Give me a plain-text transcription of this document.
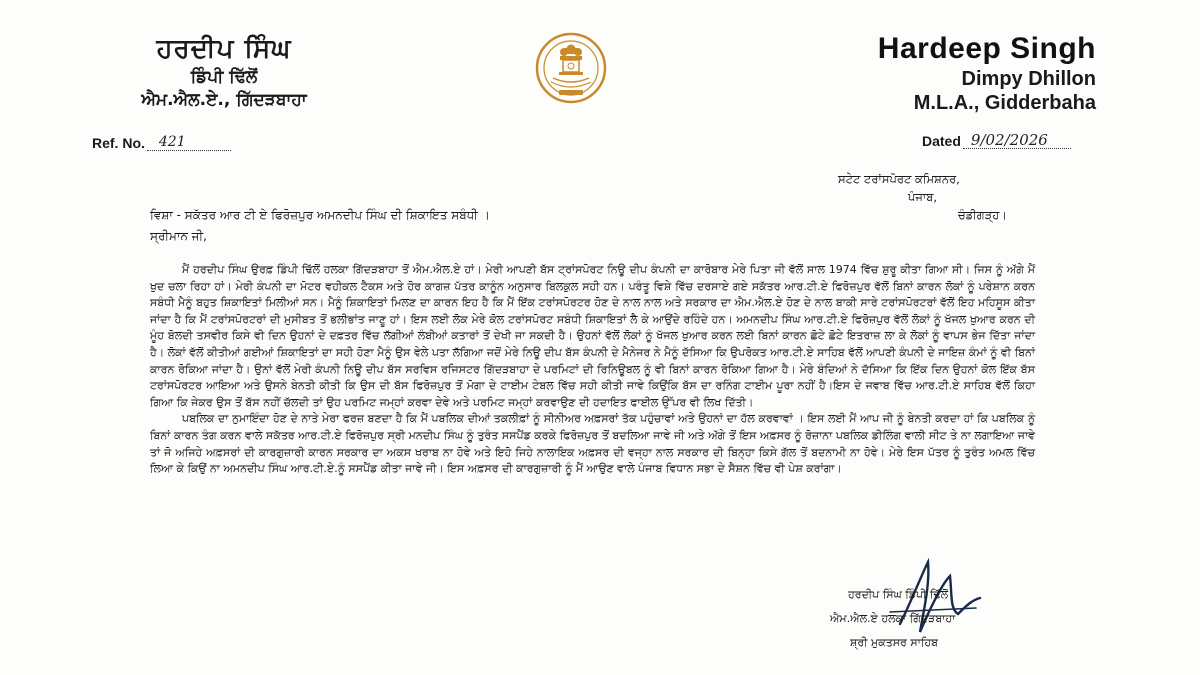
ਹਰਦੀਪ ਸਿੰਘ
ਡਿੰਪੀ ਢਿੱਲੋਂ
ਐਮ.ਐਲ.ਏ., ਗਿੱਦੜਬਾਹਾ
Hardeep Singh
Dimpy Dhillon
M.L.A., Gidderbaha
Ref. No. 421	Dated 9/02/2026
ਸਟੇਟ ਟਰਾਂਸਪੋਰਟ ਕਮਿਸ਼ਨਰ,
ਪੰਜਾਬ,
ਚੰਡੀਗੜ੍ਹ।
ਵਿਸ਼ਾ - ਸਕੱਤਰ ਆਰ ਟੀ ਏ ਫਿਰੋਜ਼ਪੁਰ ਅਮਨਦੀਪ ਸਿੰਘ ਦੀ ਸ਼ਿਕਾਇਤ ਸਬੰਧੀ ।
ਸ੍ਰੀਮਾਨ ਜੀ,

ਮੈਂ ਹਰਦੀਪ ਸਿੰਘ ਉਰਫ਼ ਡਿੰਪੀ ਢਿੱਲੋਂ ਹਲਕਾ ਗਿੱਦੜਬਾਹਾ ਤੋਂ ਐਮ.ਐਲ.ਏ ਹਾਂ। ਮੇਰੀ ਆਪਣੀ ਬੱਸ ਟ੍ਰਾਂਸਪੋਰਟ ਨਿਊ ਦੀਪ ਕੰਪਨੀ ਦਾ ਕਾਰੋਬਾਰ ਮੇਰੇ ਪਿਤਾ ਜੀ ਵੱਲੋਂ ਸਾਲ 1974 ਵਿੱਚ ਸ਼ੁਰੂ ਕੀਤਾ ਗਿਆ ਸੀ। ਜਿਸ ਨੂੰ ਅੱਗੇ ਮੈਂ ਖੁਦ ਚਲਾ ਰਿਹਾ ਹਾਂ। ਮੇਰੀ ਕੰਪਨੀ ਦਾ ਮੋਟਰ ਵਹੀਕਲ ਟੈਕਸ ਅਤੇ ਹੋਰ ਕਾਗਜ਼ ਪੱਤਰ ਕਾਨੂੰਨ ਅਨੁਸਾਰ ਬਿਲਕੁਲ ਸਹੀ ਹਨ। ਪਰੰਤੂ ਵਿਸ਼ੇ ਵਿੱਚ ਦਰਸਾਏ ਗਏ ਸਕੱਤਰ ਆਰ.ਟੀ.ਏ ਫਿਰੋਜ਼ਪੁਰ ਵੱਲੋਂ ਬਿਨਾਂ ਕਾਰਨ ਲੋਕਾਂ ਨੂੰ ਪਰੇਸ਼ਾਨ ਕਰਨ ਸਬੰਧੀ ਮੈਨੂੰ ਬਹੁਤ ਸ਼ਿਕਾਇਤਾਂ ਮਿਲੀਆਂ ਸਨ। ਮੈਨੂੰ ਸ਼ਿਕਾਇਤਾਂ ਮਿਲਣ ਦਾ ਕਾਰਨ ਇਹ ਹੈ ਕਿ ਮੈਂ ਇੱਕ ਟਰਾਂਸਪੋਰਟਰ ਹੋਣ ਦੇ ਨਾਲ ਨਾਲ ਅਤੇ ਸਰਕਾਰ ਦਾ ਐਮ.ਐਲ.ਏ ਹੋਣ ਦੇ ਨਾਲ ਬਾਕੀ ਸਾਰੇ ਟਰਾਂਸਪੋਰਟਰਾਂ ਵੱਲੋਂ ਇਹ ਮਹਿਸੂਸ ਕੀਤਾ ਜਾਂਦਾ ਹੈ ਕਿ ਮੈਂ ਟਰਾਂਸਪੋਰਟਰਾਂ ਦੀ ਮੁਸੀਬਤ ਤੋਂ ਭਲੀਭਾਂਤ ਜਾਣੂ ਹਾਂ। ਇਸ ਲਈ ਲੋਕ ਮੇਰੇ ਕੋਲ ਟਰਾਂਸਪੋਰਟ ਸਬੰਧੀ ਸ਼ਿਕਾਇਤਾਂ ਲੈ ਕੇ ਆਉਂਦੇ ਰਹਿੰਦੇ ਹਨ। ਅਮਨਦੀਪ ਸਿੰਘ ਆਰ.ਟੀ.ਏ ਫਿਰੋਜ਼ਪੁਰ ਵੱਲੋਂ ਲੋਕਾਂ ਨੂੰ ਖੱਜਲ ਖੁਆਰ ਕਰਨ ਦੀ ਮੂੰਹ ਬੋਲਦੀ ਤਸਵੀਰ ਕਿਸੇ ਵੀ ਦਿਨ ਉਹਨਾਂ ਦੇ ਦਫ਼ਤਰ ਵਿੱਚ ਲੱਗੀਆਂ ਲੰਬੀਆਂ ਕਤਾਰਾਂ ਤੋਂ ਦੇਖੀ ਜਾ ਸਕਦੀ ਹੈ। ਉਹਨਾਂ ਵੱਲੋਂ ਲੋਕਾਂ ਨੂੰ ਖੱਜਲ ਖੁਆਰ ਕਰਨ ਲਈ ਬਿਨਾਂ ਕਾਰਨ ਛੋਟੇ ਛੋਟੇ ਇਤਰਾਜ਼ ਲਾ ਕੇ ਲੋਕਾਂ ਨੂੰ ਵਾਪਸ ਭੇਜ ਦਿੱਤਾ ਜਾਂਦਾ ਹੈ। ਲੋਕਾਂ ਵੱਲੋਂ ਕੀਤੀਆਂ ਗਈਆਂ ਸ਼ਿਕਾਇਤਾਂ ਦਾ ਸਹੀ ਹੋਣਾ ਮੈਨੂੰ ਉਸ ਵੇਲੇ ਪਤਾ ਲੱਗਿਆ ਜਦੋਂ ਮੇਰੇ ਨਿਊ ਦੀਪ ਬੱਸ ਕੰਪਨੀ ਦੇ ਮੈਨੇਜਰ ਨੇ ਮੈਨੂੰ ਦੱਸਿਆ ਕਿ ਉਪਰੋਕਤ ਆਰ.ਟੀ.ਏ ਸਾਹਿਬ ਵੱਲੋਂ ਆਪਣੀ ਕੰਪਨੀ ਦੇ ਜਾਇਜ਼ ਕੰਮਾਂ ਨੂੰ ਵੀ ਬਿਨਾਂ ਕਾਰਨ ਰੋਕਿਆ ਜਾਂਦਾ ਹੈ। ਉਨਾਂ ਵੱਲੋਂ ਮੇਰੀ ਕੰਪਨੀ ਨਿਊ ਦੀਪ ਬੱਸ ਸਰਵਿਸ ਰਜਿਸਟਰ ਗਿੱਦੜਬਾਹਾ ਦੇ ਪਰਮਿਟਾਂ ਦੀ ਰਿਨਿਊਬਲ ਨੂੰ ਵੀ ਬਿਨਾਂ ਕਾਰਨ ਰੋਕਿਆ ਗਿਆ ਹੈ। ਮੇਰੇ ਬੰਦਿਆਂ ਨੇ ਦੱਸਿਆ ਕਿ ਇੱਕ ਦਿਨ ਉਹਨਾਂ ਕੋਲ ਇੱਕ ਬੱਸ ਟਰਾਂਸਪੋਰਟਰ ਆਇਆ ਅਤੇ ਉਸਨੇ ਬੇਨਤੀ ਕੀਤੀ ਕਿ ਉਸ ਦੀ ਬੱਸ ਫਿਰੋਜ਼ਪੁਰ ਤੋਂ ਮੋਗਾ ਦੇ ਟਾਈਮ ਟੇਬਲ ਵਿੱਚ ਸਹੀ ਕੀਤੀ ਜਾਵੇ ਕਿਉਂਕਿ ਬੱਸ ਦਾ ਰਨਿੰਗ ਟਾਈਮ ਪੂਰਾ ਨਹੀਂ ਹੈ।ਇਸ ਦੇ ਜਵਾਬ ਵਿੱਚ ਆਰ.ਟੀ.ਏ ਸਾਹਿਬ ਵੱਲੋਂ ਕਿਹਾ ਗਿਆ ਕਿ ਜੇਕਰ ਉਸ ਤੋਂ ਬੱਸ ਨਹੀਂ ਚੱਲਦੀ ਤਾਂ ਉਹ ਪਰਮਿਟ ਜਮ੍ਹਾਂ ਕਰਵਾ ਦੇਵੇ ਅਤੇ ਪਰਮਿਟ ਜਮ੍ਹਾਂ ਕਰਵਾਉਣ ਦੀ ਹਦਾਇਤ ਫਾਈਲ ਉੱਪਰ ਵੀ ਲਿਖ ਦਿੱਤੀ।

ਪਬਲਿਕ ਦਾ ਨੁਮਾਇੰਦਾ ਹੋਣ ਦੇ ਨਾਤੇ ਮੇਰਾ ਫਰਜ਼ ਬਣਦਾ ਹੈ ਕਿ ਮੈਂ ਪਬਲਿਕ ਦੀਆਂ ਤਕਲੀਫ਼ਾਂ ਨੂੰ ਸੀਨੀਅਰ ਅਫ਼ਸਰਾਂ ਤੱਕ ਪਹੁੰਚਾਵਾਂ ਅਤੇ ਉਹਨਾਂ ਦਾ ਹੱਲ ਕਰਵਾਵਾਂ । ਇਸ ਲਈ ਮੈਂ ਆਪ ਜੀ ਨੂੰ ਬੇਨਤੀ ਕਰਦਾ ਹਾਂ ਕਿ ਪਬਲਿਕ ਨੂੰ ਬਿਨਾਂ ਕਾਰਨ ਤੰਗ ਕਰਨ ਵਾਲੇ ਸਕੱਤਰ ਆਰ.ਟੀ.ਏ ਫਿਰੋਜ਼ਪੁਰ ਸ੍ਰੀ ਮਨਦੀਪ ਸਿੰਘ ਨੂੰ ਤੁਰੰਤ ਸਸਪੈਂਡ ਕਰਕੇ ਫਿਰੋਜ਼ਪੁਰ ਤੋਂ ਬਦਲਿਆ ਜਾਵੇ ਜੀ ਅਤੇ ਅੱਗੇ ਤੋਂ ਇਸ ਅਫ਼ਸਰ ਨੂੰ ਰੋਜ਼ਾਨਾ ਪਬਲਿਕ ਡੀਲਿੰਗ ਵਾਲੀ ਸੀਟ ਤੇ ਨਾ ਲਗਾਇਆ ਜਾਵੇ ਤਾਂ ਜੋ ਅਜਿਹੇ ਅਫ਼ਸਰਾਂ ਦੀ ਕਾਰਗੁਜ਼ਾਰੀ ਕਾਰਨ ਸਰਕਾਰ ਦਾ ਅਕਸ ਖਰਾਬ ਨਾ ਹੋਵੇ ਅਤੇ ਇਹੋ ਜਿਹੇ ਨਾਲਾਇਕ ਅਫ਼ਸਰ ਦੀ ਵਜ੍ਹਾ ਨਾਲ ਸਰਕਾਰ ਦੀ ਬਿਨ੍ਹਾ ਕਿਸੇ ਗੱਲ ਤੋਂ ਬਦਨਾਮੀ ਨਾ ਹੋਵੇ। ਮੇਰੇ ਇਸ ਪੱਤਰ ਨੂੰ ਤੁਰੰਤ ਅਮਲ ਵਿੱਚ ਲਿਆ ਕੇ ਕਿਉਂ ਨਾ ਅਮਨਦੀਪ ਸਿੰਘ ਆਰ.ਟੀ.ਏ.ਨੂੰ ਸਸਪੈਂਡ ਕੀਤਾ ਜਾਵੇ ਜੀ। ਇਸ ਅਫ਼ਸਰ ਦੀ ਕਾਰਗੁਜ਼ਾਰੀ ਨੂੰ ਮੈਂ ਆਉਣ ਵਾਲੇ ਪੰਜਾਬ ਵਿਧਾਨ ਸਭਾ ਦੇ ਸੈਸ਼ਨ ਵਿੱਚ ਵੀ ਪੇਸ਼ ਕਰਾਂਗਾ।

ਹਰਦੀਪ ਸਿੰਘ ਡਿੰਪੀ ਢਿੱਲੋਂ
ਐਮ.ਐਲ.ਏ ਹਲਕਾ ਗਿੱਦੜਬਾਹਾ
ਸ਼੍ਰੀ ਮੁਕਤਸਰ ਸਾਹਿਬ
